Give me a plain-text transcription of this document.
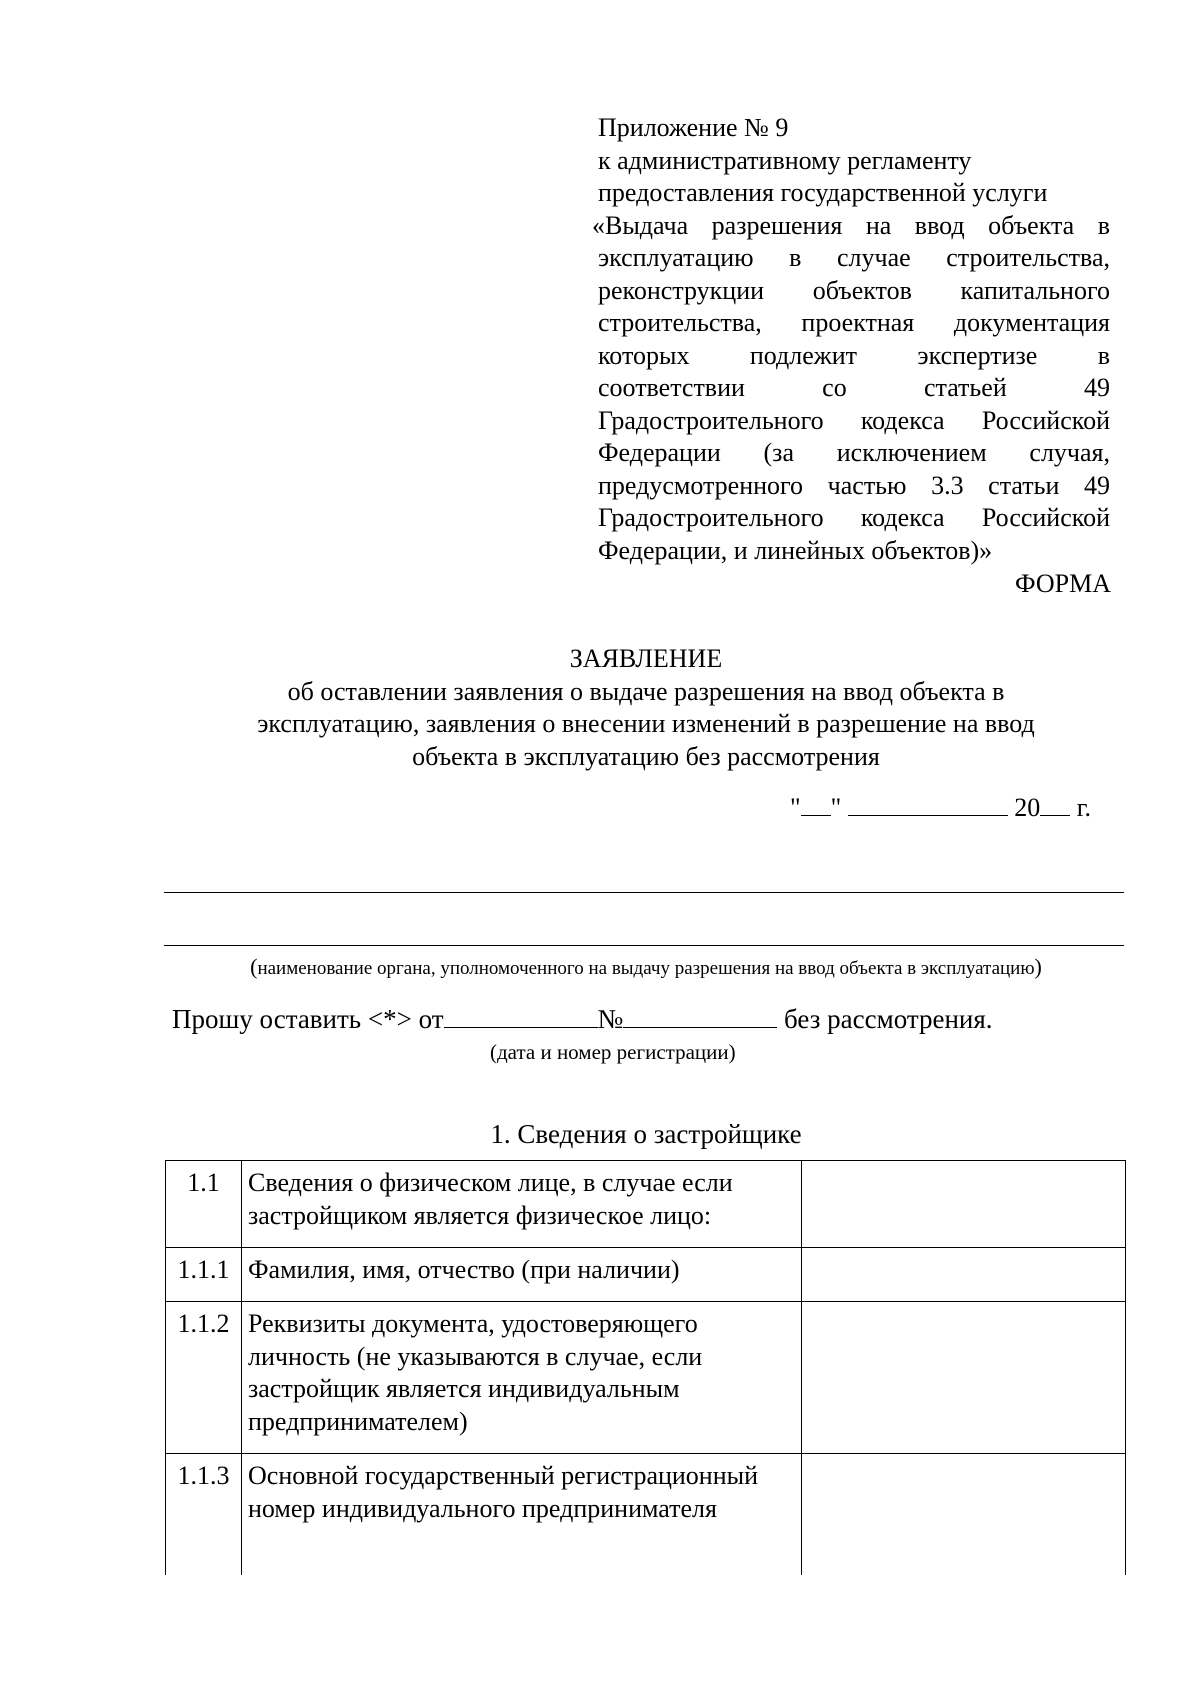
Приложение № 9
к административному регламенту
предоставления государственной услуги
«Выдача разрешения на ввод объекта в
эксплуатацию в случае строительства,
реконструкции объектов капитального
строительства, проектная документация
которых подлежит экспертизе в
соответствии со статьей 49
Градостроительного кодекса Российской
Федерации (за исключением случая,
предусмотренного частью 3.3 статьи 49
Градостроительного кодекса Российской
Федерации, и линейных объектов)»
ФОРМА
ЗАЯВЛЕНИЕ
об оставлении заявления о выдаче разрешения на ввод объекта в
эксплуатацию, заявления о внесении изменений в разрешение на ввод
объекта в эксплуатацию без рассмотрения
" "	20 г.
(наименование органа, уполномоченного на выдачу разрешения на ввод объекта в эксплуатацию)
Прошу оставить <*> от	№	без рассмотрения.
(дата и номер регистрации)
1. Сведения о застройщике
1.1	Сведения о физическом лице, в случае если застройщиком является физическое лицо:	
1.1.1	Фамилия, имя, отчество (при наличии)	
1.1.2	Реквизиты документа, удостоверяющего личность (не указываются в случае, если застройщик является индивидуальным предпринимателем)	
1.1.3	Основной государственный регистрационный номер индивидуального предпринимателя	
